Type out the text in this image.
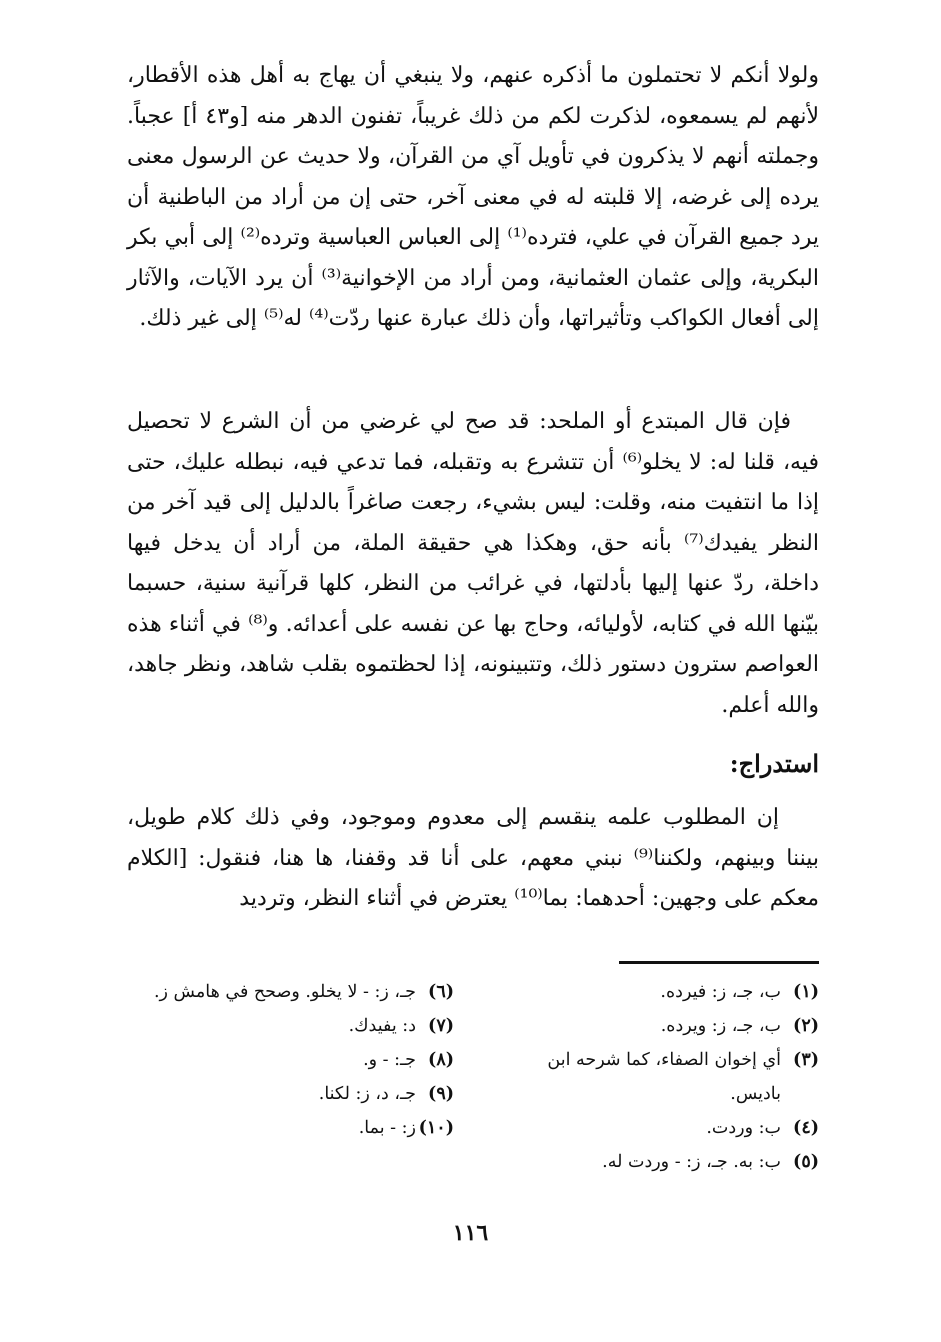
ولولا أنكم لا تحتملون ما أذكره عنهم، ولا ينبغي أن يهاج به أهل هذه الأقطار، لأنهم لم يسمعوه، لذكرت لكم من ذلك غريباً، تفنون الدهر منه [و٤٣ أ] عجباً. وجملته أنهم لا يذكرون في تأويل آي من القرآن، ولا حديث عن الرسول معنى يرده إلى غرضه، إلا قلبته له في معنى آخر، حتى إن من أراد من الباطنية أن يرد جميع القرآن في علي، فترده⁽¹⁾ إلى العباس العباسية وترده⁽²⁾ إلى أبي بكر البكرية، وإلى عثمان العثمانية، ومن أراد من الإخوانية⁽³⁾ أن يرد الآيات، والآثار إلى أفعال الكواكب وتأثيراتها، وأن ذلك عبارة عنها ردّت⁽⁴⁾ له⁽⁵⁾ إلى غير ذلك.

فإن قال المبتدع أو الملحد: قد صح لي غرضي من أن الشرع لا تحصيل فيه، قلنا له: لا يخلو⁽⁶⁾ أن تتشرع به وتقبله، فما تدعي فيه، نبطله عليك، حتى إذا ما انتفيت منه، وقلت: ليس بشيء، رجعت صاغراً بالدليل إلى قيد آخر من النظر يفيدك⁽⁷⁾ بأنه حق، وهكذا هي حقيقة الملة، من أراد أن يدخل فيها داخلة، ردّ عنها إليها بأدلتها، في غرائب من النظر، كلها قرآنية سنية، حسبما بيّنها الله في كتابه، لأوليائه، وحاج بها عن نفسه على أعدائه. و⁽⁸⁾ في أثناء هذه العواصم سترون دستور ذلك، وتتبينونه، إذا لحظتموه بقلب شاهد، ونظر جاهد، والله أعلم.

استدراج:

إن المطلوب علمه ينقسم إلى معدوم وموجود، وفي ذلك كلام طويل، بيننا وبينهم، ولكننا⁽⁹⁾ نبني معهم، على أنا قد وقفنا، ها هنا، فنقول: [الكلام معكم على وجهين: أحدهما: بما⁽¹⁰⁾ يعترض في أثناء النظر، وترديد

(١)
ب، جـ، ز: فيرده.
(٢)
ب، جـ، ز: ويرده.
(٣)
أي إخوان الصفاء، كما شرحه ابن باديس.
(٤)
ب: وردت.
(٥)
ب: به. جـ، ز: - وردت له.
(٦)
جـ، ز: - لا يخلو. وصحح في هامش ز.
(٧)
د: يفيدك.
(٨)
جـ: - و.
(٩)
جـ، د، ز: لكنا.
(١٠)
ز: - بما.
١١٦
